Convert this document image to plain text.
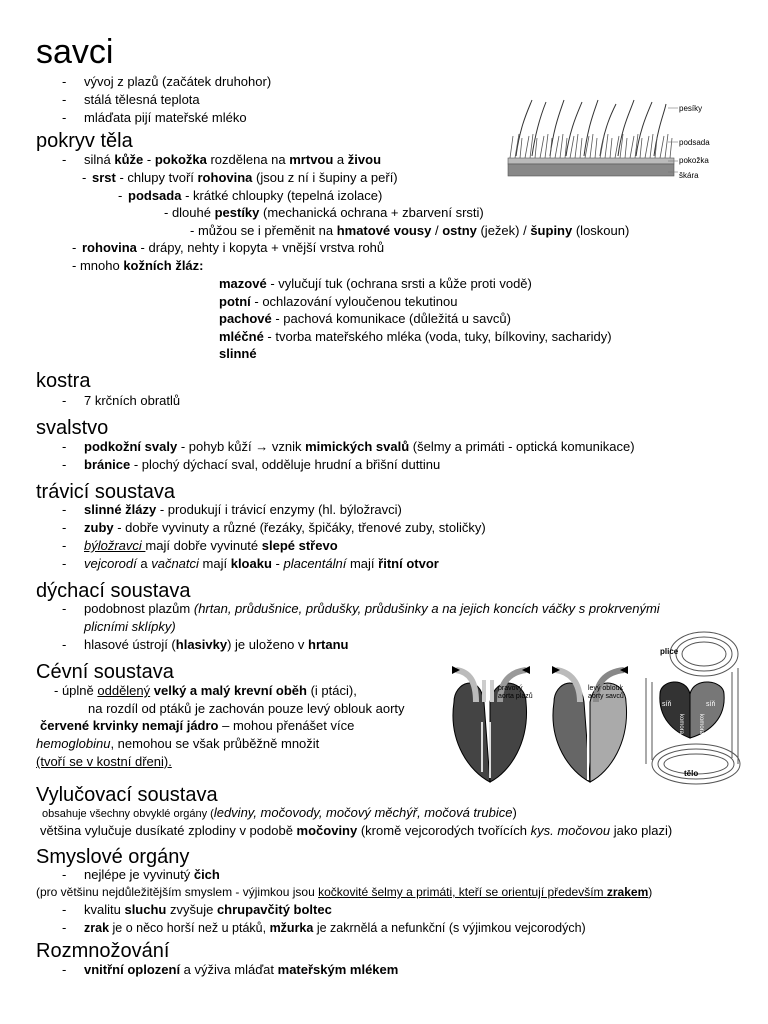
savci
- vývoj z plazů (začátek druhohor)
- stálá tělesná teplota
- mláďata pijí mateřské mléko
pesíky
podsada
pokožka
škára
pokryv těla
- silná kůže - pokožka rozdělena na mrtvou a živou
- srst - chlupy tvoří rohovina (jsou z ní i šupiny a peří)
- podsada - krátké chloupky (tepelná izolace)
- dlouhé pestíky (mechanická ochrana + zbarvení srsti)
- můžou se i přeměnit na hmatové vousy / ostny (ježek) / šupiny (loskoun)
- rohovina - drápy, nehty i kopyta + vnější vrstva rohů
- mnoho kožních žláz:
mazové - vylučují tuk (ochrana srsti a kůže proti vodě)
potní - ochlazování vyloučenou tekutinou
pachové - pachová komunikace (důležitá u savců)
mléčné - tvorba mateřského mléka (voda, tuky, bílkoviny, sacharidy)
slinné
kostra
- 7 krčních obratlů
svalstvo
- podkožní svaly - pohyb kůží → vznik mimických svalů (šelmy a primáti - optická komunikace)
- bránice - plochý dýchací sval, odděluje hrudní a břišní duttinu
trávicí soustava
- slinné žlázy - produkují i trávicí enzymy (hl. býložravci)
- zuby - dobře vyvinuty a různé (řezáky, špičáky, třenové zuby, stoličky)
- býložravci mají dobře vyvinuté slepé střevo
- vejcorodí a vačnatci mají kloaku - placentální mají řitní otvor
dýchací soustava
- podobnost plazům (hrtan, průdušnice, průdušky, průdušinky a na jejich koncích váčky s prokrvenými
plicními sklípky)
- hlasové ústrojí (hlasivky) je uloženo v hrtanu
Cévní soustava
- úplně oddělený velký a malý krevní oběh (i ptáci),
na rozdíl od ptáků je zachován pouze levý oblouk aorty
červené krvinky nemají jádro – mohou přenášet více
hemoglobinu, nemohou se však průběžně množit
(tvoří se v kostní dřeni).
pravový
aorta plazů
levý oblouk
aorty savců
síň	síň
komora komora
plice
tělo
Vylučovací soustava
obsahuje všechny obvyklé orgány (ledviny, močovody, močový měchýř, močová trubice)
většina vylučuje dusíkaté zplodiny v podobě močoviny (kromě vejcorodých tvořících kys. močovou jako plazi)
Smyslové orgány
- nejlépe je vyvinutý čich
(pro většinu nejdůležitějším smyslem - výjimkou jsou kočkovité šelmy a primáti, kteří se orientují především zrakem)
- kvalitu sluchu zvyšuje chrupavčitý boltec
- zrak je o něco horší než u ptáků, mžurka je zakrnělá a nefunkční (s výjimkou vejcorodých)
Rozmnožování
- vnitřní oplození a výživa mláďat mateřským mlékem
